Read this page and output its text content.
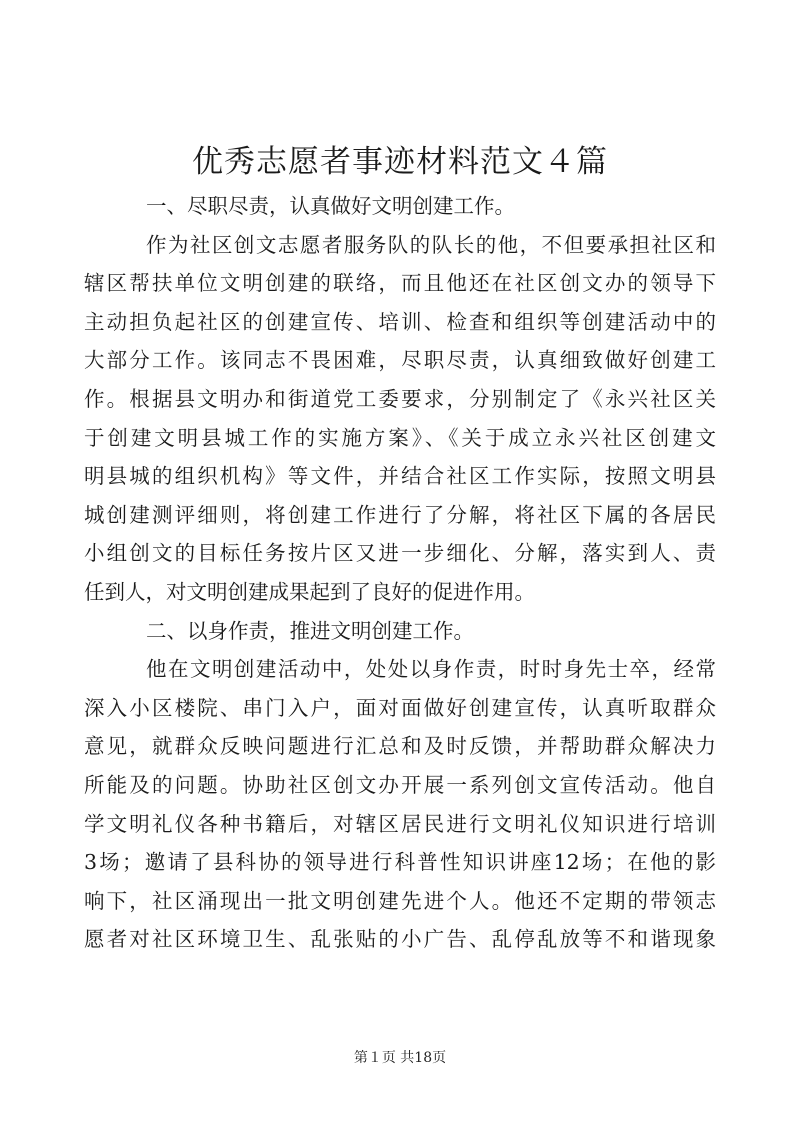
优秀志愿者事迹材料范文４篇
一、尽职尽责，认真做好文明创建工作。
作为社区创文志愿者服务队的队长的他，不但要承担社区和
辖区帮扶单位文明创建的联络，而且他还在社区创文办的领导下
主动担负起社区的创建宣传、培训、检查和组织等创建活动中的
大部分工作。该同志不畏困难，尽职尽责，认真细致做好创建工
作。根据县文明办和街道党工委要求，分别制定了《永兴社区关
于创建文明县城工作的实施方案》、《关于成立永兴社区创建文
明县城的组织机构》等文件，并结合社区工作实际，按照文明县
城创建测评细则，将创建工作进行了分解，将社区下属的各居民
小组创文的目标任务按片区又进一步细化、分解，落实到人、责
任到人，对文明创建成果起到了良好的促进作用。
二、以身作责，推进文明创建工作。
他在文明创建活动中，处处以身作责，时时身先士卒，经常
深入小区楼院、串门入户，面对面做好创建宣传，认真听取群众
意见，就群众反映问题进行汇总和及时反馈，并帮助群众解决力
所能及的问题。协助社区创文办开展一系列创文宣传活动。他自
学文明礼仪各种书籍后，对辖区居民进行文明礼仪知识进行培训
3场；邀请了县科协的领导进行科普性知识讲座12场；在他的影
响下，社区涌现出一批文明创建先进个人。他还不定期的带领志
愿者对社区环境卫生、乱张贴的小广告、乱停乱放等不和谐现象
第１页 共18页
